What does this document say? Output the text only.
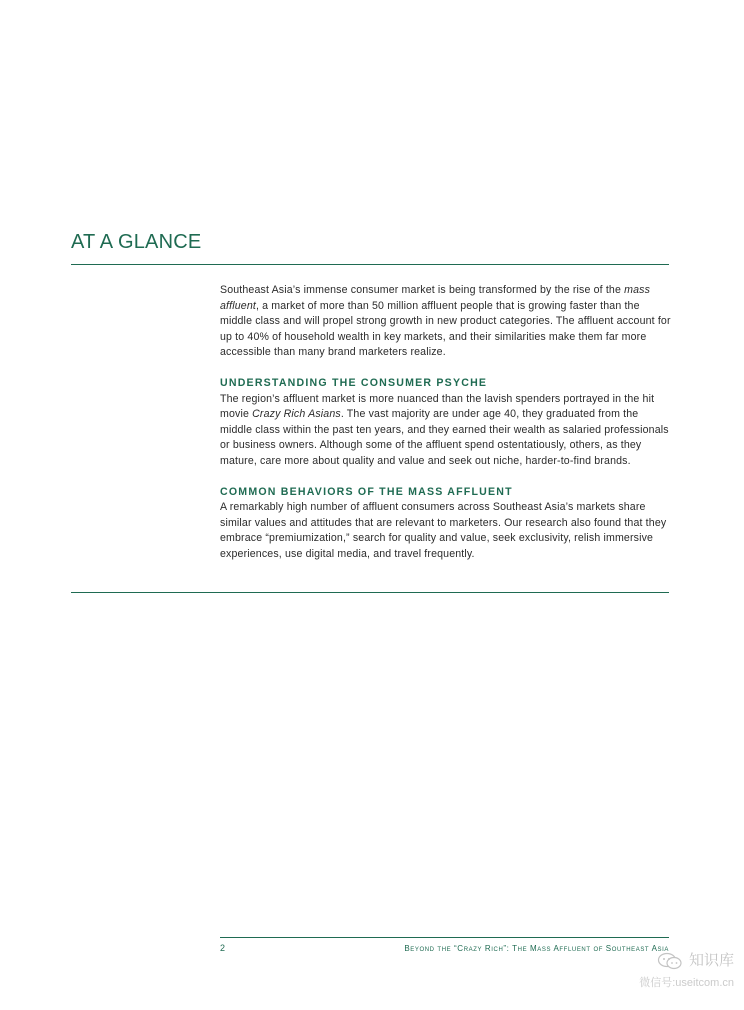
AT A GLANCE

Southeast Asia’s immense consumer market is being transformed by the rise of the mass affluent, a market of more than 50 million affluent people that is growing faster than the middle class and will propel strong growth in new product categories. The affluent account for up to 40% of household wealth in key markets, and their similarities make them far more accessible than many brand marketers realize.

UNDERSTANDING THE CONSUMER PSYCHE

The region’s affluent market is more nuanced than the lavish spenders portrayed in the hit movie Crazy Rich Asians. The vast majority are under age 40, they graduated from the middle class within the past ten years, and they earned their wealth as salaried professionals or business owners. Although some of the affluent spend ostentatiously, others, as they mature, care more about quality and value and seek out niche, harder-to-find brands.

COMMON BEHAVIORS OF THE MASS AFFLUENT

A remarkably high number of affluent consumers across Southeast Asia’s markets share similar values and attitudes that are relevant to marketers. Our research also found that they embrace “premiumization,” search for quality and value, seek exclusivity, relish immersive experiences, use digital media, and travel frequently.

2	Beyond the “Crazy Rich”: The Mass Affluent of Southeast Asia
知识库
微信号:useitcom.cn
